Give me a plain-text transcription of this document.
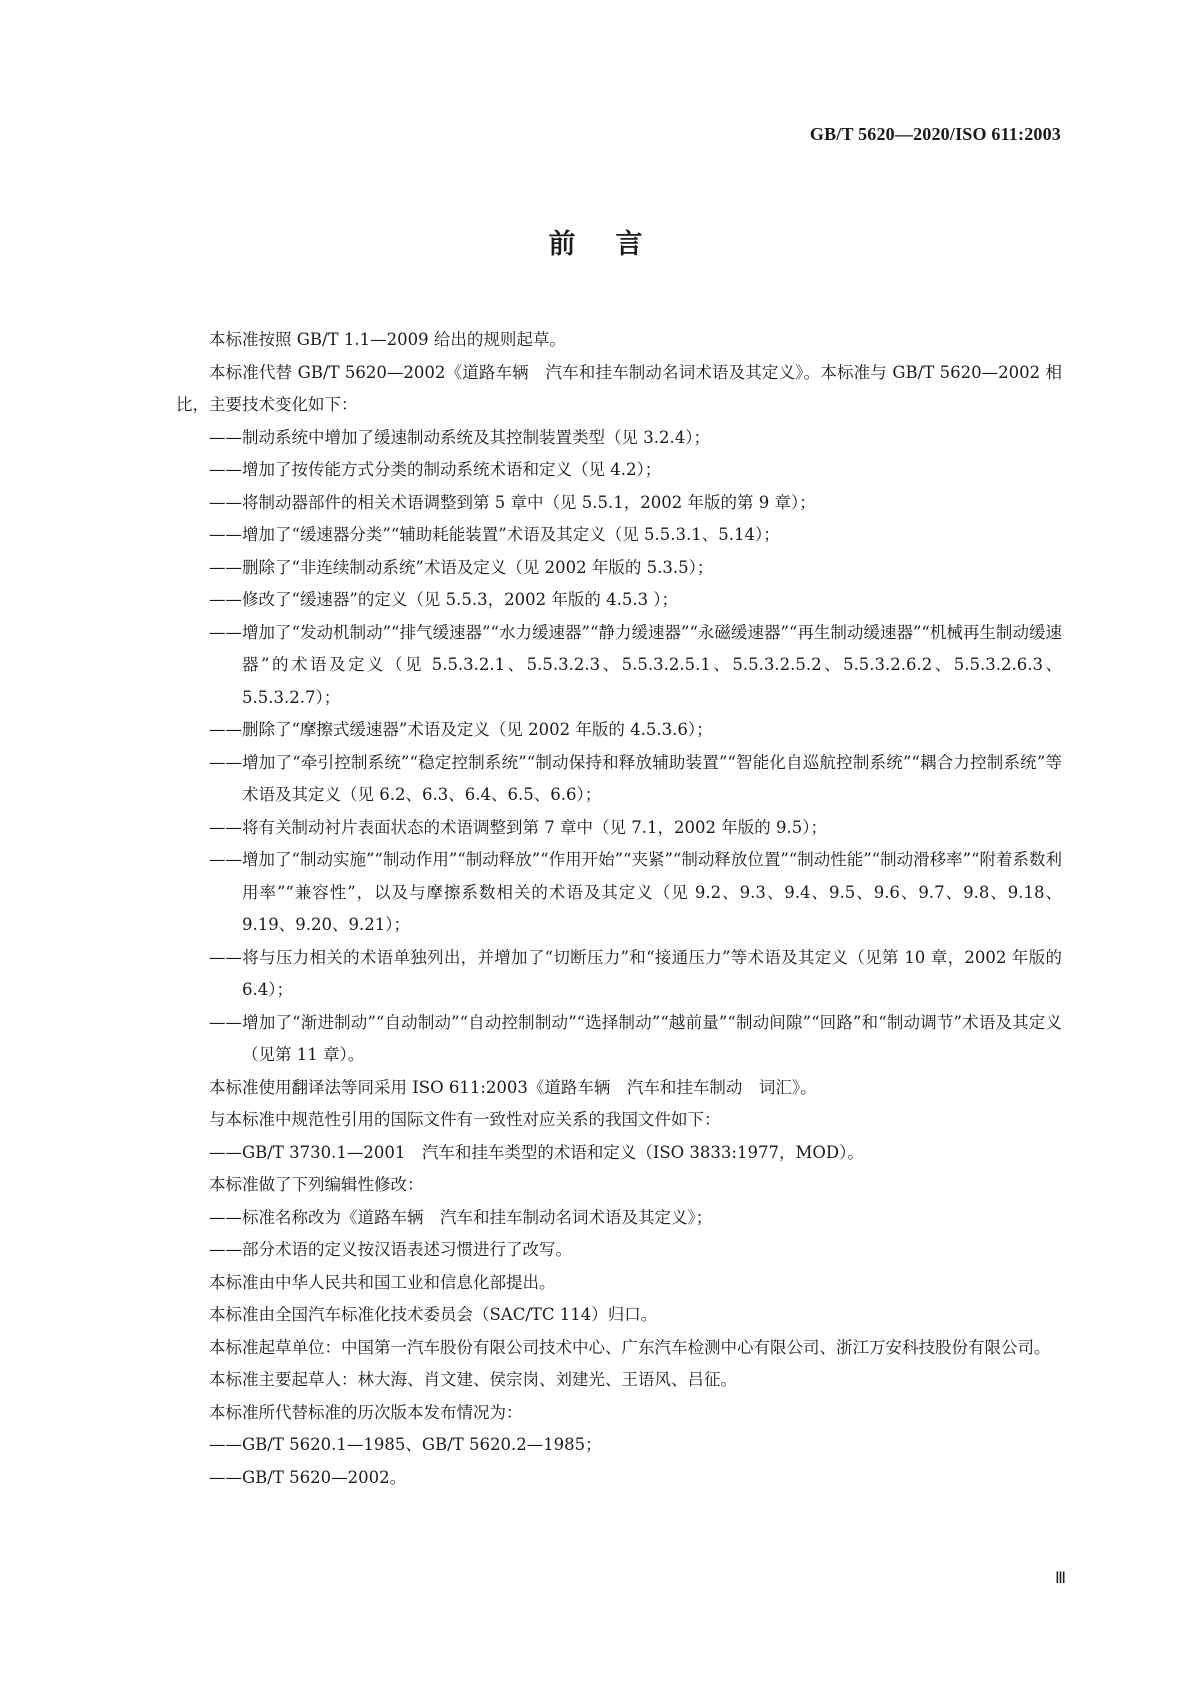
GB/T 5620—2020/ISO 611:2003
前言

本标准按照 GB/T 1.1—2009 给出的规则起草。

本标准代替 GB/T 5620—2002《道路车辆　汽车和挂车制动名词术语及其定义》。本标准与 GB/T 5620—2002 相比，主要技术变化如下：

——制动系统中增加了缓速制动系统及其控制装置类型（见 3.2.4）；

——增加了按传能方式分类的制动系统术语和定义（见 4.2）；

——将制动器部件的相关术语调整到第 5 章中（见 5.5.1，2002 年版的第 9 章）；

——增加了“缓速器分类”“辅助耗能装置”术语及其定义（见 5.5.3.1、5.14）；

——删除了“非连续制动系统”术语及定义（见 2002 年版的 5.3.5）；

——修改了“缓速器”的定义（见 5.5.3，2002 年版的 4.5.3 ）；

——增加了“发动机制动”“排气缓速器”“水力缓速器”“静力缓速器”“永磁缓速器”“再生制动缓速器”“机械再生制动缓速器”的术语及定义（见 5.5.3.2.1、5.5.3.2.3、5.5.3.2.5.1、5.5.3.2.5.2、5.5.3.2.6.2、5.5.3.2.6.3、5.5.3.2.7）；

——删除了“摩擦式缓速器”术语及定义（见 2002 年版的 4.5.3.6）；

——增加了“牵引控制系统”“稳定控制系统”“制动保持和释放辅助装置”“智能化自巡航控制系统”“耦合力控制系统”等术语及其定义（见 6.2、6.3、6.4、6.5、6.6）；

——将有关制动衬片表面状态的术语调整到第 7 章中（见 7.1，2002 年版的 9.5）；

——增加了“制动实施”“制动作用”“制动释放”“作用开始”“夹紧”“制动释放位置”“制动性能”“制动滑移率”“附着系数利用率”“兼容性”，以及与摩擦系数相关的术语及其定义（见 9.2、9.3、9.4、9.5、9.6、9.7、9.8、9.18、9.19、9.20、9.21）；

——将与压力相关的术语单独列出，并增加了“切断压力”和“接通压力”等术语及其定义（见第 10 章，2002 年版的 6.4）；

——增加了“渐进制动”“自动制动”“自动控制制动”“选择制动”“越前量”“制动间隙”“回路”和“制动调节”术语及其定义（见第 11 章）。

本标准使用翻译法等同采用 ISO 611:2003《道路车辆　汽车和挂车制动　词汇》。

与本标准中规范性引用的国际文件有一致性对应关系的我国文件如下：

——GB/T 3730.1—2001　汽车和挂车类型的术语和定义（ISO 3833:1977，MOD）。

本标准做了下列编辑性修改：

——标准名称改为《道路车辆　汽车和挂车制动名词术语及其定义》；

——部分术语的定义按汉语表述习惯进行了改写。

本标准由中华人民共和国工业和信息化部提出。

本标准由全国汽车标准化技术委员会（SAC/TC 114）归口。

本标准起草单位：中国第一汽车股份有限公司技术中心、广东汽车检测中心有限公司、浙江万安科技股份有限公司。

本标准主要起草人：林大海、肖文建、侯宗岗、刘建光、王语风、吕征。

本标准所代替标准的历次版本发布情况为：

——GB/T 5620.1—1985、GB/T 5620.2—1985；

——GB/T 5620—2002。

Ⅲ
